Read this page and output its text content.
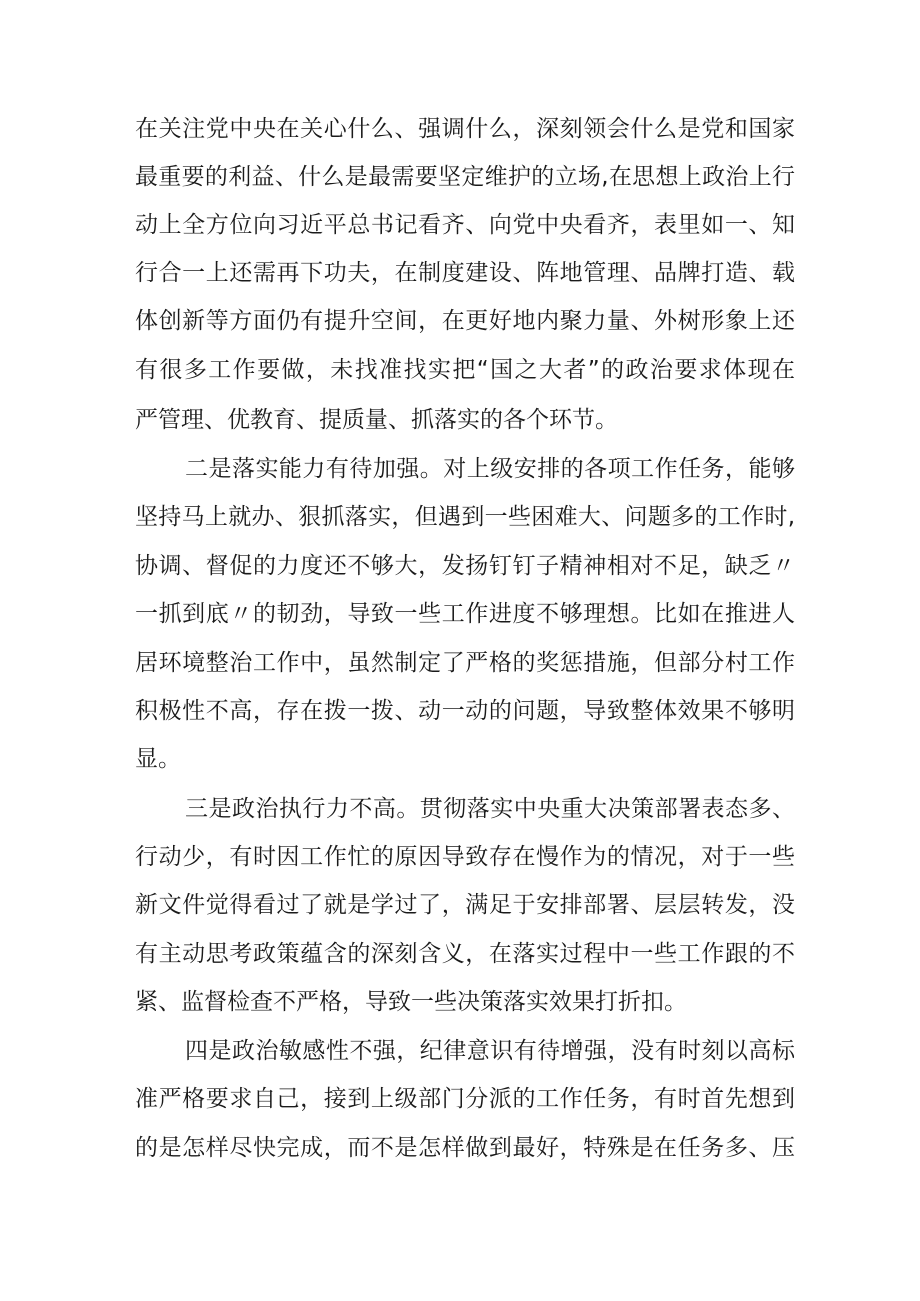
在关注党中央在关心什么、强调什么，深刻领会什么是党和国家
最重要的利益、什么是最需要坚定维护的立场,在思想上政治上行
动上全方位向习近平总书记看齐、向党中央看齐，表里如一、知
行合一上还需再下功夫，在制度建设、阵地管理、品牌打造、载
体创新等方面仍有提升空间，在更好地内聚力量、外树形象上还
有很多工作要做，未找准找实把“国之大者”的政治要求体现在
严管理、优教育、提质量、抓落实的各个环节。
二是落实能力有待加强。对上级安排的各项工作任务，能够
坚持马上就办、狠抓落实，但遇到一些困难大、问题多的工作时,
协调、督促的力度还不够大，发扬钉钉子精神相对不足，缺乏〃
一抓到底〃的韧劲，导致一些工作进度不够理想。比如在推进人
居环境整治工作中，虽然制定了严格的奖惩措施，但部分村工作
积极性不高，存在拨一拨、动一动的问题，导致整体效果不够明
显。
三是政治执行力不高。贯彻落实中央重大决策部署表态多、
行动少，有时因工作忙的原因导致存在慢作为的情况，对于一些
新文件觉得看过了就是学过了，满足于安排部署、层层转发，没
有主动思考政策蕴含的深刻含义，在落实过程中一些工作跟的不
紧、监督检查不严格，导致一些决策落实效果打折扣。
四是政治敏感性不强，纪律意识有待增强，没有时刻以高标
准严格要求自己，接到上级部门分派的工作任务，有时首先想到
的是怎样尽快完成，而不是怎样做到最好，特殊是在任务多、压
